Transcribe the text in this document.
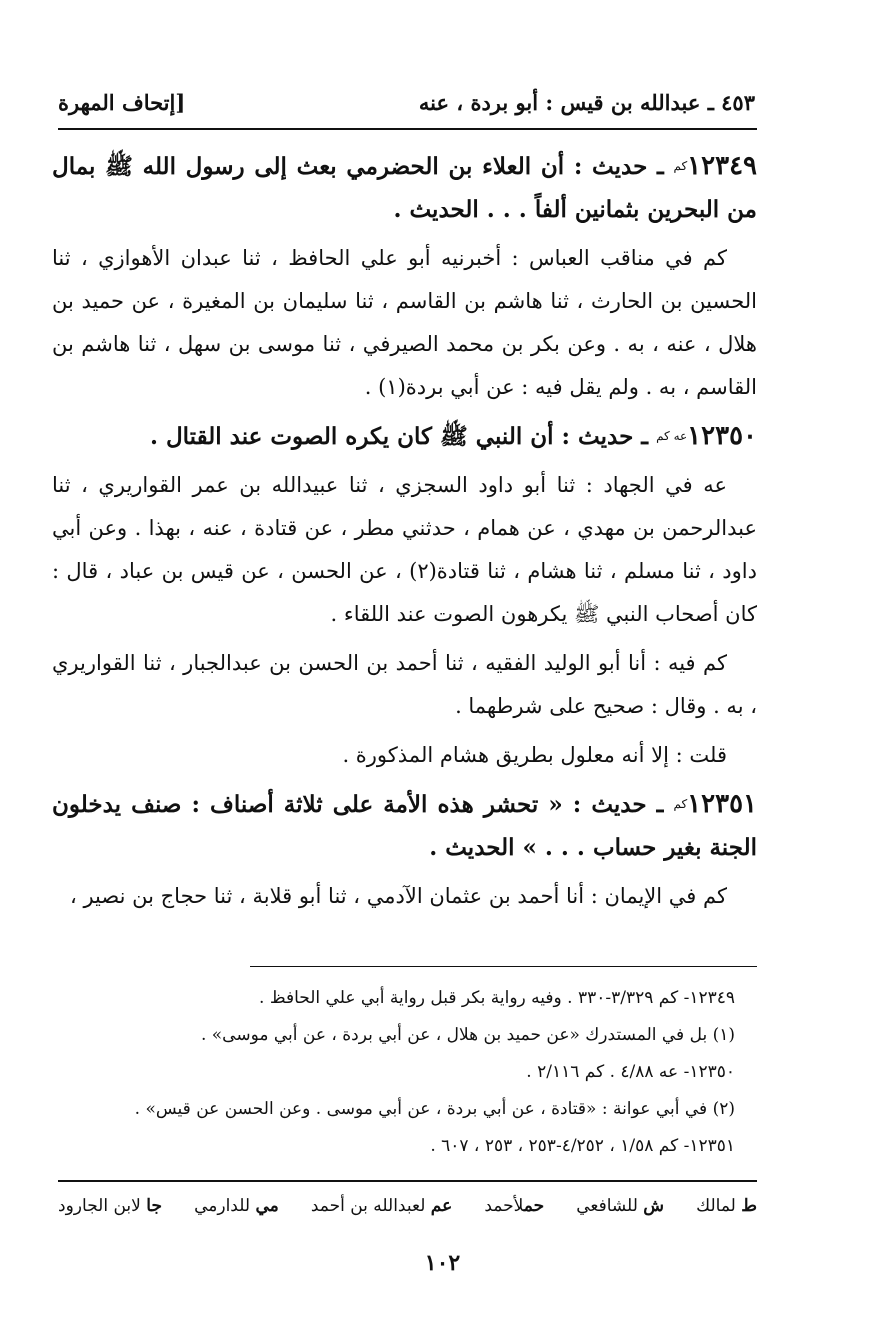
٤٥٣ ـ عبدالله بن قيس : أبو بردة ، عنه
[إتحاف المهرة

$١٢٣٤٩^{كم}$ ـ حديث : أن العلاء بن الحضرمي بعث إلى رسول الله ﷺ بمال من البحرين بثمانين ألفاً . . . الحديث .

كم في مناقب العباس : أخبرنيه أبو علي الحافظ ، ثنا عبدان الأهوازي ، ثنا الحسين بن الحارث ، ثنا هاشم بن القاسم ، ثنا سليمان بن المغيرة ، عن حميد بن هلال ، عنه ، به . وعن بكر بن محمد الصيرفي ، ثنا موسى بن سهل ، ثنا هاشم بن القاسم ، به . ولم يقل فيه : عن أبي بردة(١) .

$١٢٣٥٠^{عه كم}$ ـ حديث : أن النبي ﷺ كان يكره الصوت عند القتال .

عه في الجهاد : ثنا أبو داود السجزي ، ثنا عبيدالله بن عمر القواريري ، ثنا عبدالرحمن بن مهدي ، عن همام ، حدثني مطر ، عن قتادة ، عنه ، بهذا . وعن أبي داود ، ثنا مسلم ، ثنا هشام ، ثنا قتادة(٢) ، عن الحسن ، عن قيس بن عباد ، قال : كان أصحاب النبي ﷺ يكرهون الصوت عند اللقاء .

كم فيه : أنا أبو الوليد الفقيه ، ثنا أحمد بن الحسن بن عبدالجبار ، ثنا القواريري ، به . وقال : صحيح على شرطهما .

قلت : إلا أنه معلول بطريق هشام المذكورة .

$١٢٣٥١^{كم}$ ـ حديث : « تحشر هذه الأمة على ثلاثة أصناف : صنف يدخلون الجنة بغير حساب . . . » الحديث .

كم في الإيمان : أنا أحمد بن عثمان الآدمي ، ثنا أبو قلابة ، ثنا حجاج بن نصير ،

١٢٣٤٩- كم ٣/٣٢٩-٣٣٠ . وفيه رواية بكر قبل رواية أبي علي الحافظ .
(١) بل في المستدرك «عن حميد بن هلال ، عن أبي بردة ، عن أبي موسى» .
١٢٣٥٠- عه ٤/٨٨ . كم ٢/١١٦ .
(٢) في أبي عوانة : «قتادة ، عن أبي بردة ، عن أبي موسى . وعن الحسن عن قيس» .
١٢٣٥١- كم ١/٥٨ ، ٤/٢٥٢-٢٥٣ ، ٢٥٣ ، ٦٠٧ .
ط لمالك
ش للشافعي
حملأحمد
عم لعبدالله بن أحمد
مي للدارمي
جا لابن الجارود
١٠٢
